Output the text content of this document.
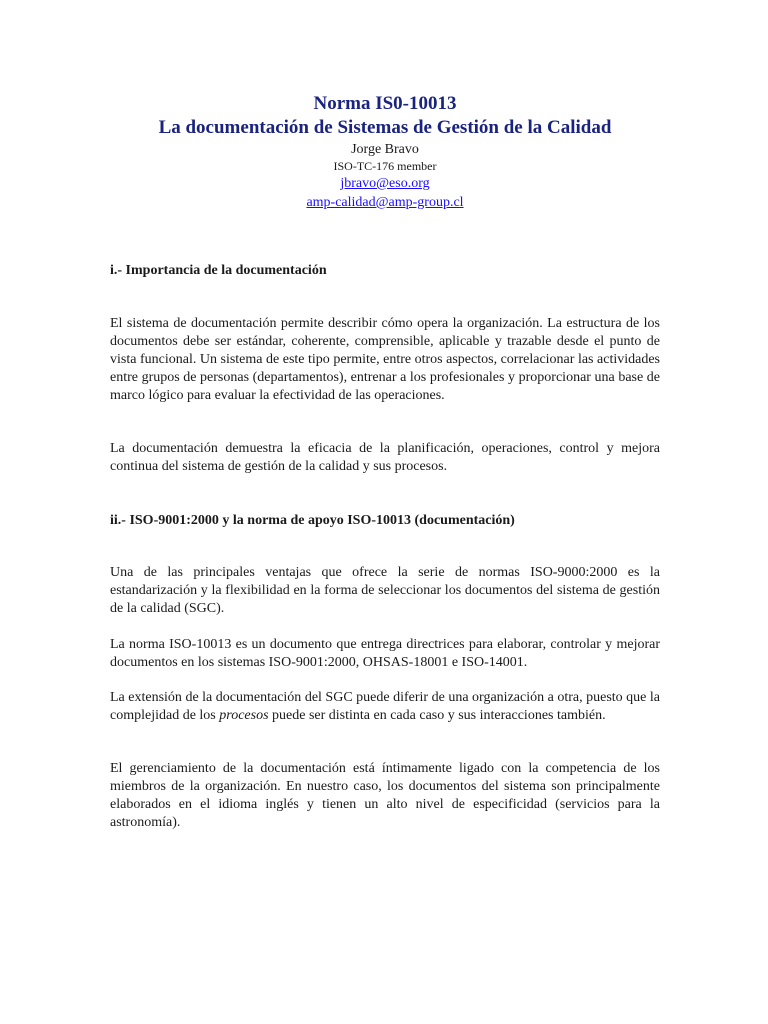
Norma IS0-10013
La documentación de Sistemas de Gestión de la Calidad
Jorge Bravo
ISO-TC-176 member
jbravo@eso.org
amp-calidad@amp-group.cl
i.- Importancia de la documentación

El sistema de documentación permite describir cómo opera la organización. La estructura de los documentos debe ser estándar, coherente, comprensible, aplicable y trazable desde el punto de vista funcional. Un sistema de este tipo permite, entre otros aspectos, correlacionar las actividades entre grupos de personas (departamentos), entrenar a los profesionales y proporcionar una base de marco lógico para evaluar la efectividad de las operaciones.

La documentación demuestra la eficacia de la planificación, operaciones, control y mejora continua del sistema de gestión de la calidad y sus procesos.

ii.- ISO-9001:2000 y la norma de apoyo ISO-10013 (documentación)

Una de las principales ventajas que ofrece la serie de normas ISO-9000:2000 es la estandarización y la flexibilidad en la forma de seleccionar los documentos del sistema de gestión de la calidad (SGC).

La norma ISO-10013 es un documento que entrega directrices para elaborar, controlar y mejorar documentos en los sistemas ISO-9001:2000, OHSAS-18001 e ISO-14001.

La extensión de la documentación del SGC puede diferir de una organización a otra, puesto que la complejidad de los procesos puede ser distinta en cada caso y sus interacciones también.

El gerenciamiento de la documentación está íntimamente ligado con la competencia de los miembros de la organización. En nuestro caso, los documentos del sistema son principalmente elaborados en el idioma inglés y tienen un alto nivel de especificidad (servicios para la astronomía).
